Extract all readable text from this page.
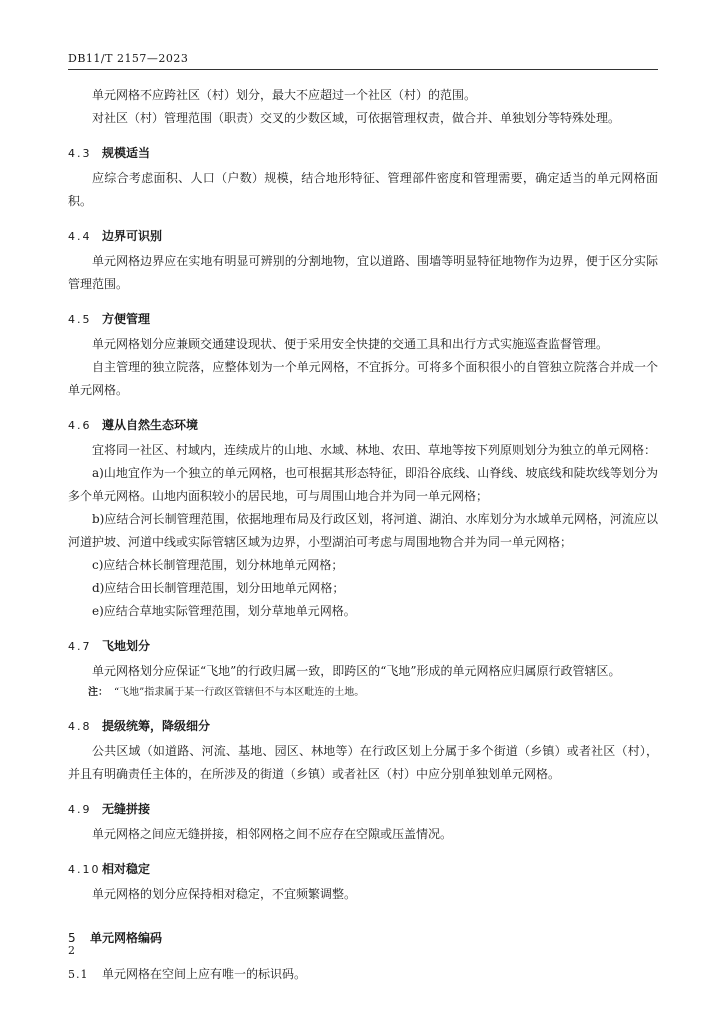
DB11/T 2157—2023

单元网格不应跨社区（村）划分，最大不应超过一个社区（村）的范围。

对社区（村）管理范围（职责）交叉的少数区域，可依据管理权责，做合并、单独划分等特殊处理。

4.3 规模适当

应综合考虑面积、人口（户数）规模，结合地形特征、管理部件密度和管理需要，确定适当的单元网格面积。

4.4 边界可识别

单元网格边界应在实地有明显可辨别的分割地物，宜以道路、围墙等明显特征地物作为边界，便于区分实际管理范围。

4.5 方便管理

单元网格划分应兼顾交通建设现状、便于采用安全快捷的交通工具和出行方式实施巡查监督管理。

自主管理的独立院落，应整体划为一个单元网格，不宜拆分。可将多个面积很小的自管独立院落合并成一个单元网格。

4.6 遵从自然生态环境

宜将同一社区、村域内，连续成片的山地、水域、林地、农田、草地等按下列原则划分为独立的单元网格：

a)山地宜作为一个独立的单元网格，也可根据其形态特征，即沿谷底线、山脊线、坡底线和陡坎线等划分为多个单元网格。山地内面积较小的居民地，可与周围山地合并为同一单元网格；

b)应结合河长制管理范围，依据地理布局及行政区划，将河道、湖泊、水库划分为水域单元网格，河流应以河道护坡、河道中线或实际管辖区域为边界，小型湖泊可考虑与周围地物合并为同一单元网格；

c)应结合林长制管理范围，划分林地单元网格；

d)应结合田长制管理范围，划分田地单元网格；

e)应结合草地实际管理范围，划分草地单元网格。

4.7 飞地划分

单元网格划分应保证“飞地”的行政归属一致，即跨区的“飞地”形成的单元网格应归属原行政管辖区。

注： “飞地”指隶属于某一行政区管辖但不与本区毗连的土地。
4.8 提级统筹，降级细分

公共区域（如道路、河流、基地、园区、林地等）在行政区划上分属于多个街道（乡镇）或者社区（村），并且有明确责任主体的，在所涉及的街道（乡镇）或者社区（村）中应分别单独划单元网格。

4.9 无缝拼接

单元网格之间应无缝拼接，相邻网格之间不应存在空隙或压盖情况。

4.10 相对稳定

单元网格的划分应保持相对稳定，不宜频繁调整。

5	单元网格编码
5.1	单元网格在空间上应有唯一的标识码。
2
